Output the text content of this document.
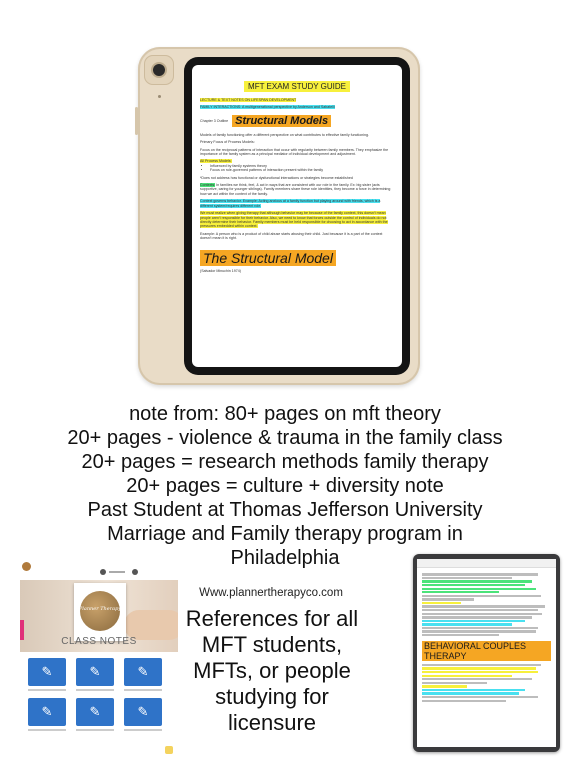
MFT EXAM STUDY GUIDE

LECTURE & TEXT NOTES ON LIFESPAN DEVELOPMENT

FAMILY INTERACTIONS: A multigenerational perspective by Anderson and Sabatelli

Chapter 3 Outline Structural Models

Models of family functioning offer a different perspective on what contributes to effective family functioning.

Primary Focus of Process Models:

Focus on the reciprocal patterns of interaction that occur with regularity between family members. They emphasize the importance of the family system as a principal mediator of individual development and adjustment.

All Process Models:

• Influenced by family systems theory
• Focus on rule-governed patterns of interaction present within the family

*Does not address how functional or dysfunctional interactions or strategies become established

Contexts: In families we think, feel, & act in ways that are consistent with our role in the family. Ex: big sister (acts supportive, caring for younger siblings). Family members share these role identities, they become a force in determining how we act within the context of the family.

Context governs behavior. Example: Acting anxious at a family function but playing around with friends, which is a different system/requires different role.

We must realize when giving therapy that although behavior may be because of the family context, this doesn't mean people aren't responsible for their behavior. Also, we need to know that forces outside the control of individuals do not directly determine their behavior. Family members must be held responsible for choosing to act in accordance with the pressures embedded within context.

Example: A person who is a product of child abuse starts abusing their child. Just because it is a part of the context doesn't mean it is right.

The Structural Model

(Salvador Minuchin 1974)

note from: 80+ pages on mft theory
20+ pages - violence & trauma in the family class
20+ pages = research methods family therapy
20+ pages = culture + diversity note
Past Student at Thomas Jefferson University
Marriage and Family therapy program in
Philadelphia

Planner Therapy
CLASS NOTES
✎	✎	✎
✎	✎	✎
Www.plannertherapyco.com
References for all
MFT students,
MFTs, or people
studying for
licensure
BEHAVIORAL COUPLES THERAPY
